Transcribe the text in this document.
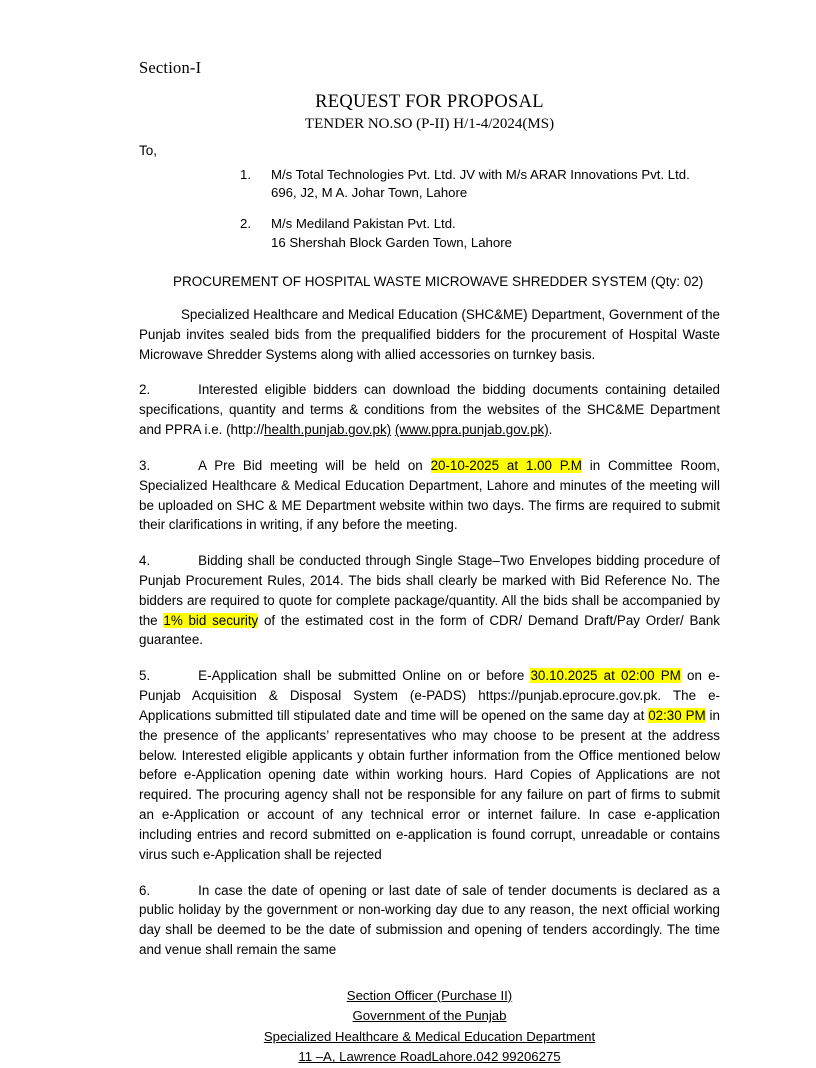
Section-I
REQUEST FOR PROPOSAL
TENDER NO.SO (P-II) H/1-4/2024(MS)
To,
1.	M/s Total Technologies Pvt. Ltd. JV with M/s ARAR Innovations Pvt. Ltd.
696, J2, M A. Johar Town, Lahore
2.	M/s Mediland Pakistan Pvt. Ltd.
16 Shershah Block Garden Town, Lahore
PROCUREMENT OF HOSPITAL WASTE MICROWAVE SHREDDER SYSTEM (Qty: 02)

Specialized Healthcare and Medical Education (SHC&ME) Department, Government of the Punjab invites sealed bids from the prequalified bidders for the procurement of Hospital Waste Microwave Shredder Systems along with allied accessories on turnkey basis.

2.	Interested eligible bidders can download the bidding documents containing detailed specifications, quantity and terms & conditions from the websites of the SHC&ME Department and PPRA i.e. (http://health.punjab.gov.pk) (www.ppra.punjab.gov.pk).

3.	A Pre Bid meeting will be held on 20-10-2025 at 1.00 P.M in Committee Room, Specialized Healthcare & Medical Education Department, Lahore and minutes of the meeting will be uploaded on SHC & ME Department website within two days. The firms are required to submit their clarifications in writing, if any before the meeting.

4.	Bidding shall be conducted through Single Stage–Two Envelopes bidding procedure of Punjab Procurement Rules, 2014. The bids shall clearly be marked with Bid Reference No. The bidders are required to quote for complete package/quantity. All the bids shall be accompanied by the 1% bid security of the estimated cost in the form of CDR/ Demand Draft/Pay Order/ Bank guarantee.

5.	E-Application shall be submitted Online on or before 30.10.2025 at 02:00 PM on e-Punjab Acquisition & Disposal System (e-PADS) https://punjab.eprocure.gov.pk. The e-Applications submitted till stipulated date and time will be opened on the same day at 02:30 PM in the presence of the applicants’ representatives who may choose to be present at the address below. Interested eligible applicants y obtain further information from the Office mentioned below before e-Application opening date within working hours. Hard Copies of Applications are not required. The procuring agency shall not be responsible for any failure on part of firms to submit an e-Application or account of any technical error or internet failure. In case e-application including entries and record submitted on e-application is found corrupt, unreadable or contains virus such e-Application shall be rejected

6.	In case the date of opening or last date of sale of tender documents is declared as a public holiday by the government or non-working day due to any reason, the next official working day shall be deemed to be the date of submission and opening of tenders accordingly. The time and venue shall remain the same

Section Officer (Purchase II)
Government of the Punjab
Specialized Healthcare & Medical Education Department
11 –A, Lawrence RoadLahore.042 99206275
